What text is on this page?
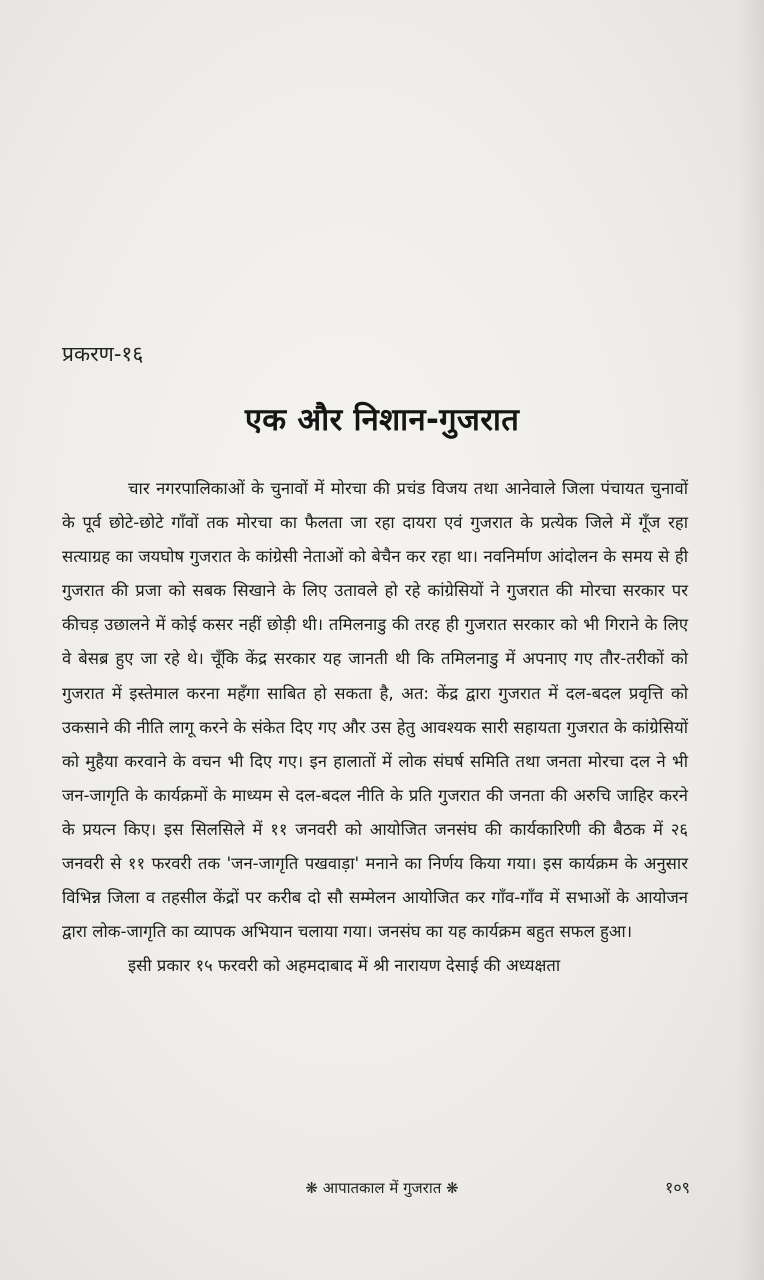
प्रकरण-१६
एक और निशान-गुजरात

चार नगरपालिकाओं के चुनावों में मोरचा की प्रचंड विजय तथा आनेवाले जिला पंचायत चुनावों के पूर्व छोटे-छोटे गाँवों तक मोरचा का फैलता जा रहा दायरा एवं गुजरात के प्रत्येक जिले में गूँज रहा सत्याग्रह का जयघोष गुजरात के कांग्रेसी नेताओं को बेचैन कर रहा था। नवनिर्माण आंदोलन के समय से ही गुजरात की प्रजा को सबक सिखाने के लिए उतावले हो रहे कांग्रेसियों ने गुजरात की मोरचा सरकार पर कीचड़ उछालने में कोई कसर नहीं छोड़ी थी। तमिलनाडु की तरह ही गुजरात सरकार को भी गिराने के लिए वे बेसब्र हुए जा रहे थे। चूँकि केंद्र सरकार यह जानती थी कि तमिलनाडु में अपनाए गए तौर-तरीकों को गुजरात में इस्तेमाल करना महँगा साबित हो सकता है, अत: केंद्र द्वारा गुजरात में दल-बदल प्रवृत्ति को उकसाने की नीति लागू करने के संकेत दिए गए और उस हेतु आवश्यक सारी सहायता गुजरात के कांग्रेसियों को मुहैया करवाने के वचन भी दिए गए। इन हालातों में लोक संघर्ष समिति तथा जनता मोरचा दल ने भी जन-जागृति के कार्यक्रमों के माध्यम से दल-बदल नीति के प्रति गुजरात की जनता की अरुचि जाहिर करने के प्रयत्न किए। इस सिलसिले में ११ जनवरी को आयोजित जनसंघ की कार्यकारिणी की बैठक में २६ जनवरी से ११ फरवरी तक 'जन-जागृति पखवाड़ा' मनाने का निर्णय किया गया। इस कार्यक्रम के अनुसार विभिन्न जिला व तहसील केंद्रों पर करीब दो सौ सम्मेलन आयोजित कर गाँव-गाँव में सभाओं के आयोजन द्वारा लोक-जागृति का व्यापक अभियान चलाया गया। जनसंघ का यह कार्यक्रम बहुत सफल हुआ।

इसी प्रकार १५ फरवरी को अहमदाबाद में श्री नारायण देसाई की अध्यक्षता

❋ आपातकाल में गुजरात ❋	१०९
